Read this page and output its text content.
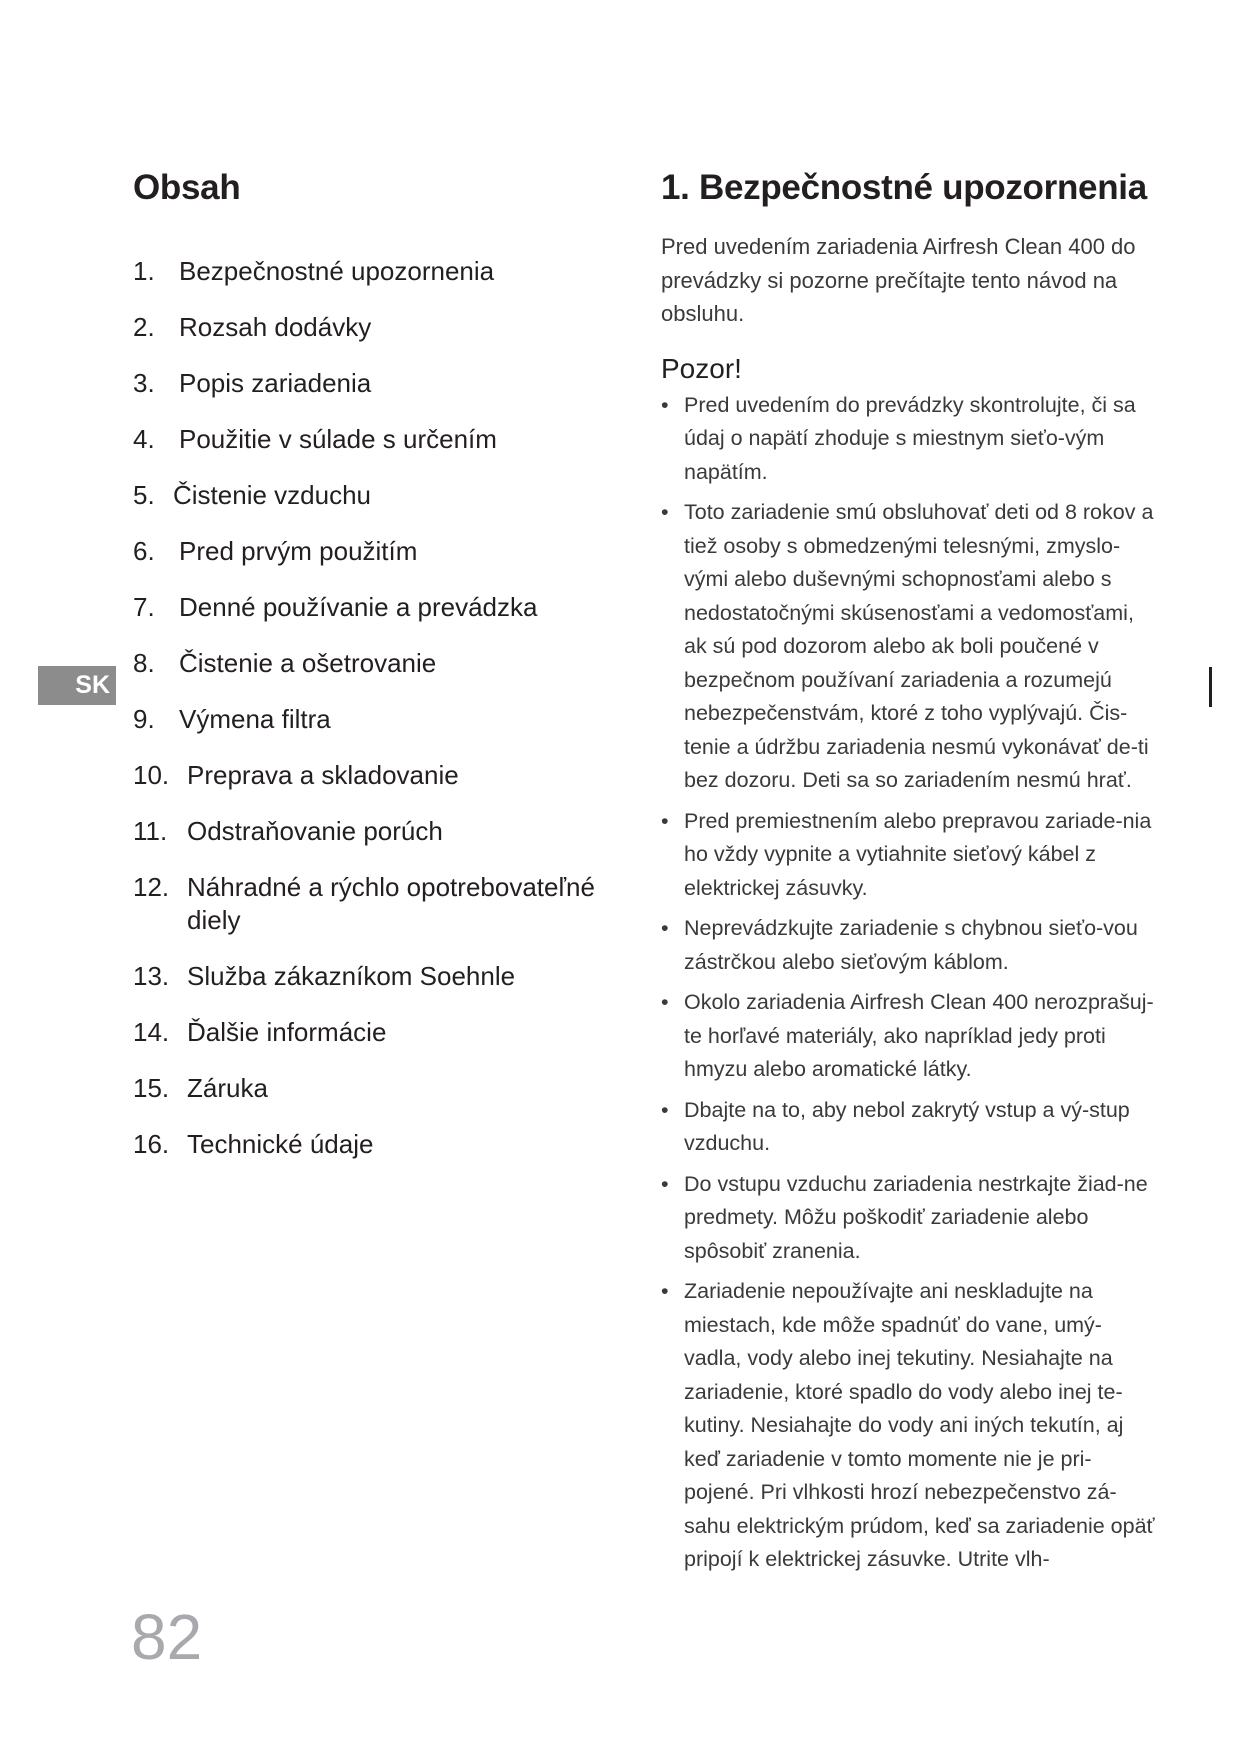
Obsah
1. Bezpečnostné upozornenia
2. Rozsah dodávky
3. Popis zariadenia
4. Použitie v súlade s určením
5. Čistenie vzduchu
6. Pred prvým použitím
7. Denné používanie a prevádzka
8. Čistenie a ošetrovanie
9. Výmena filtra
10. Preprava a skladovanie
11. Odstraňovanie porúch
12. Náhradné a rýchlo opotrebovateľné diely
13. Služba zákazníkom Soehnle
14. Ďalšie informácie
15. Záruka
16. Technické údaje
SK
82
1. Bezpečnostné upozornenia

Pred uvedením zariadenia Airfresh Clean 400 do prevádzky si pozorne prečítajte tento návod na obsluhu.

Pozor!
• Pred uvedením do prevádzky skontrolujte, či sa údaj o napätí zhoduje s miestnym sieťo-vým napätím.
• Toto zariadenie smú obsluhovať deti od 8 rokov a tiež osoby s obmedzenými telesnými, zmyslo-vými alebo duševnými schopnosťami alebo s nedostatočnými skúsenosťami a vedomosťami, ak sú pod dozorom alebo ak boli poučené v bezpečnom používaní zariadenia a rozumejú nebezpečenstvám, ktoré z toho vyplývajú. Čis-tenie a údržbu zariadenia nesmú vykonávať de-ti bez dozoru. Deti sa so zariadením nesmú hrať.
• Pred premiestnením alebo prepravou zariade-nia ho vždy vypnite a vytiahnite sieťový kábel z elektrickej zásuvky.
• Neprevádzkujte zariadenie s chybnou sieťo-vou zástrčkou alebo sieťovým káblom.
• Okolo zariadenia Airfresh Clean 400 nerozprašuj-te horľavé materiály, ako napríklad jedy proti hmyzu alebo aromatické látky.
• Dbajte na to, aby nebol zakrytý vstup a vý-stup vzduchu.
• Do vstupu vzduchu zariadenia nestrkajte žiad-ne predmety. Môžu poškodiť zariadenie alebo spôsobiť zranenia.
• Zariadenie nepoužívajte ani neskladujte na miestach, kde môže spadnúť do vane, umý-vadla, vody alebo inej tekutiny. Nesiahajte na zariadenie, ktoré spadlo do vody alebo inej te-kutiny. Nesiahajte do vody ani iných tekutín, aj keď zariadenie v tomto momente nie je pri-pojené. Pri vlhkosti hrozí nebezpečenstvo zá-sahu elektrickým prúdom, keď sa zariadenie opäť pripojí k elektrickej zásuvke. Utrite vlh-
